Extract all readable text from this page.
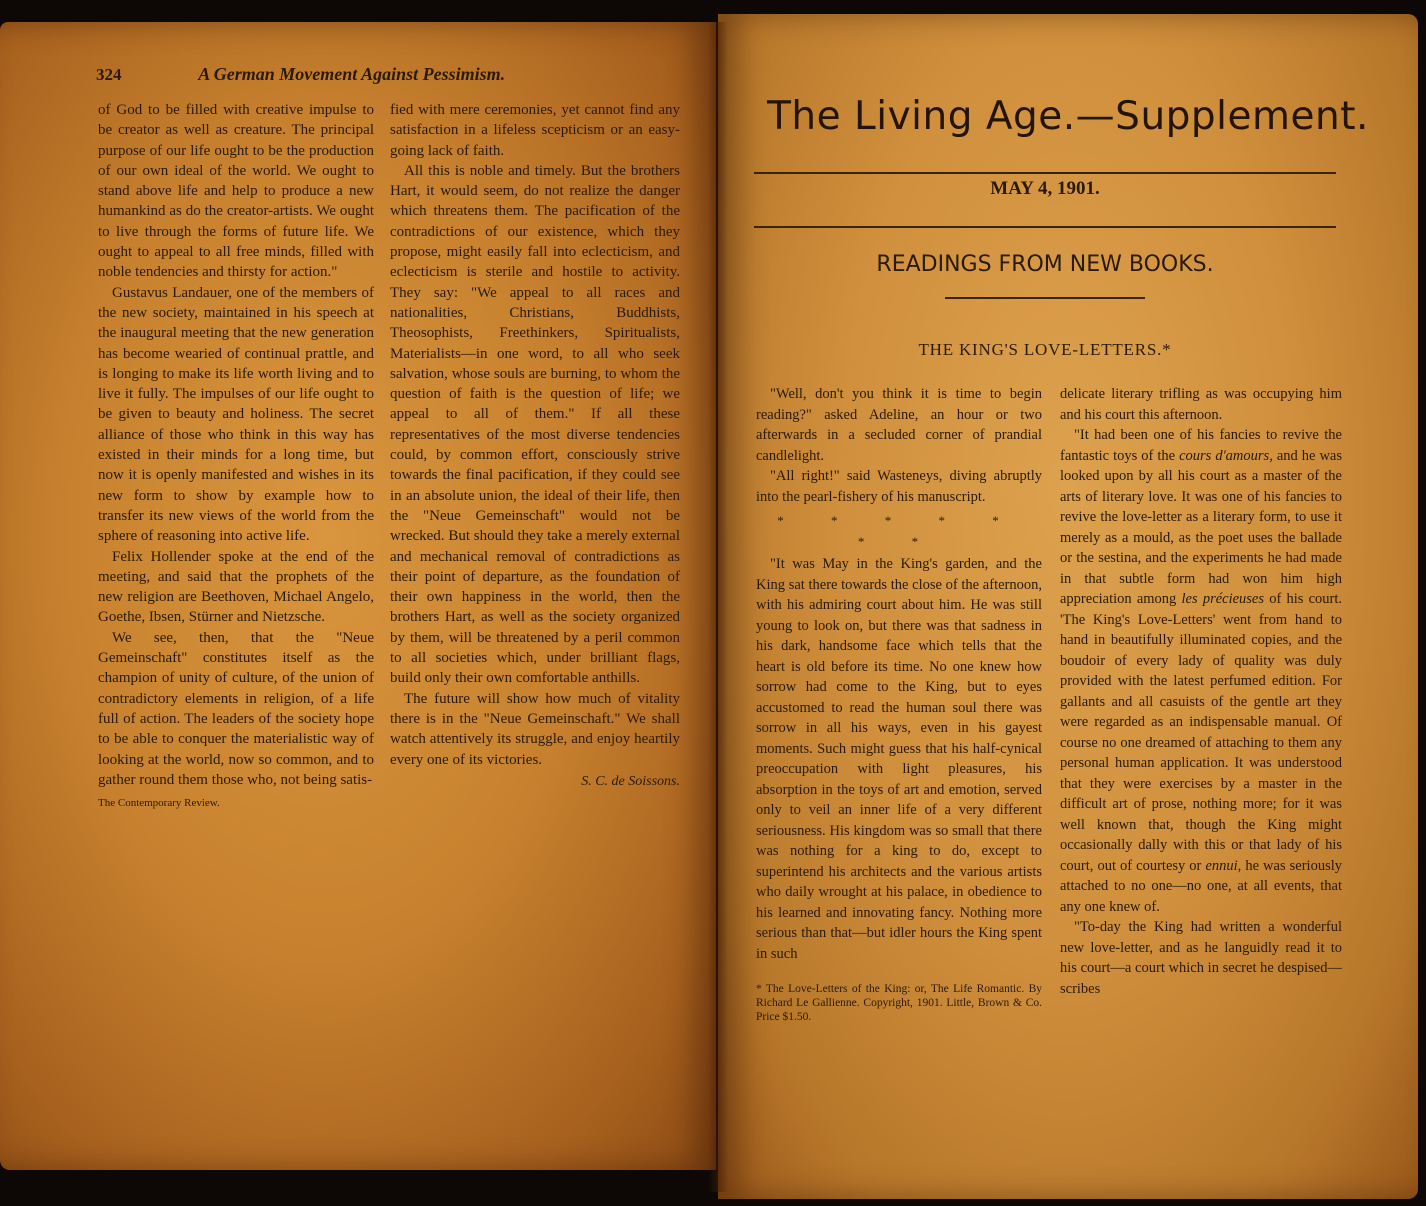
324	A German Movement Against Pessimism.

of God to be filled with creative impulse to be creator as well as creature. The principal purpose of our life ought to be the production of our own ideal of the world. We ought to stand above life and help to produce a new humankind as do the creator-artists. We ought to live through the forms of future life. We ought to appeal to all free minds, filled with noble tendencies and thirsty for action."

Gustavus Landauer, one of the members of the new society, maintained in his speech at the inaugural meeting that the new generation has become wearied of continual prattle, and is longing to make its life worth living and to live it fully. The impulses of our life ought to be given to beauty and holiness. The secret alliance of those who think in this way has existed in their minds for a long time, but now it is openly manifested and wishes in its new form to show by example how to transfer its new views of the world from the sphere of reasoning into active life.

Felix Hollender spoke at the end of the meeting, and said that the prophets of the new religion are Beethoven, Michael Angelo, Goethe, Ibsen, Stürner and Nietzsche.

We see, then, that the "Neue Gemeinschaft" constitutes itself as the champion of unity of culture, of the union of contradictory elements in religion, of a life full of action. The leaders of the society hope to be able to conquer the materialistic way of looking at the world, now so common, and to gather round them those who, not being satis-

The Contemporary Review.

fied with mere ceremonies, yet cannot find any satisfaction in a lifeless scepticism or an easy-going lack of faith.

All this is noble and timely. But the brothers Hart, it would seem, do not realize the danger which threatens them. The pacification of the contradictions of our existence, which they propose, might easily fall into eclecticism, and eclecticism is sterile and hostile to activity. They say: "We appeal to all races and nationalities, Christians, Buddhists, Theosophists, Freethinkers, Spiritualists, Materialists—in one word, to all who seek salvation, whose souls are burning, to whom the question of faith is the question of life; we appeal to all of them." If all these representatives of the most diverse tendencies could, by common effort, consciously strive towards the final pacification, if they could see in an absolute union, the ideal of their life, then the "Neue Gemeinschaft" would not be wrecked. But should they take a merely external and mechanical removal of contradictions as their point of departure, as the foundation of their own happiness in the world, then the brothers Hart, as well as the society organized by them, will be threatened by a peril common to all societies which, under brilliant flags, build only their own comfortable anthills.

The future will show how much of vitality there is in the "Neue Gemeinschaft." We shall watch attentively its struggle, and enjoy heartily every one of its victories.

S. C. de Soissons.

The Living Age.—Supplement.
MAY 4, 1901.
READINGS FROM NEW BOOKS.
THE KING'S LOVE-LETTERS.*

"Well, don't you think it is time to begin reading?" asked Adeline, an hour or two afterwards in a secluded corner of prandial candlelight.

"All right!" said Wasteneys, diving abruptly into the pearl-fishery of his manuscript.

* * * * * * *

"It was May in the King's garden, and the King sat there towards the close of the afternoon, with his admiring court about him. He was still young to look on, but there was that sadness in his dark, handsome face which tells that the heart is old before its time. No one knew how sorrow had come to the King, but to eyes accustomed to read the human soul there was sorrow in all his ways, even in his gayest moments. Such might guess that his half-cynical preoccupation with light pleasures, his absorption in the toys of art and emotion, served only to veil an inner life of a very different seriousness. His kingdom was so small that there was nothing for a king to do, except to superintend his architects and the various artists who daily wrought at his palace, in obedience to his learned and innovating fancy. Nothing more serious than that—but idler hours the King spent in such

* The Love-Letters of the King: or, The Life Romantic. By Richard Le Gallienne. Copyright, 1901. Little, Brown & Co. Price $1.50.

delicate literary trifling as was occupying him and his court this afternoon.

"It had been one of his fancies to revive the fantastic toys of the cours d'amours, and he was looked upon by all his court as a master of the arts of literary love. It was one of his fancies to revive the love-letter as a literary form, to use it merely as a mould, as the poet uses the ballade or the sestina, and the experiments he had made in that subtle form had won him high appreciation among les précieuses of his court. 'The King's Love-Letters' went from hand to hand in beautifully illuminated copies, and the boudoir of every lady of quality was duly provided with the latest perfumed edition. For gallants and all casuists of the gentle art they were regarded as an indispensable manual. Of course no one dreamed of attaching to them any personal human application. It was understood that they were exercises by a master in the difficult art of prose, nothing more; for it was well known that, though the King might occasionally dally with this or that lady of his court, out of courtesy or ennui, he was seriously attached to no one—no one, at all events, that any one knew of.

"To-day the King had written a wonderful new love-letter, and as he languidly read it to his court—a court which in secret he despised—scribes
